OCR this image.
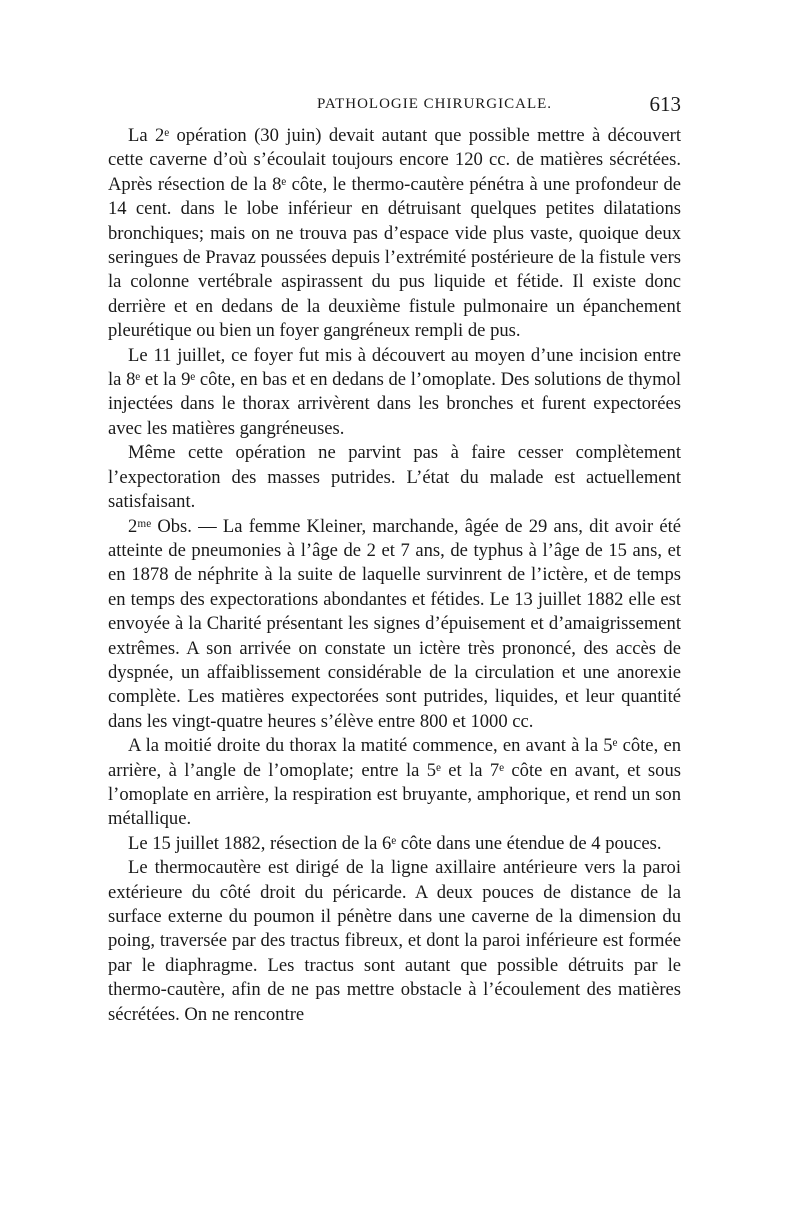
PATHOLOGIE CHIRURGICALE.	613

La 2ᵉ opération (30 juin) devait autant que possible mettre à découvert cette caverne d’où s’écoulait toujours encore 120 cc. de matières sécrétées. Après résection de la 8ᵉ côte, le thermo-cautère pénétra à une profondeur de 14 cent. dans le lobe inférieur en détruisant quelques petites dilatations bronchiques; mais on ne trouva pas d’espace vide plus vaste, quoique deux seringues de Pravaz poussées depuis l’extrémité postérieure de la fistule vers la colonne vertébrale aspirassent du pus liquide et fétide. Il existe donc derrière et en dedans de la deuxième fistule pulmonaire un épanchement pleurétique ou bien un foyer gangréneux rempli de pus.

Le 11 juillet, ce foyer fut mis à découvert au moyen d’une incision entre la 8ᵉ et la 9ᵉ côte, en bas et en dedans de l’omoplate. Des solutions de thymol injectées dans le thorax arrivèrent dans les bronches et furent expectorées avec les matières gangréneuses.

Même cette opération ne parvint pas à faire cesser complètement l’expectoration des masses putrides. L’état du malade est actuellement satisfaisant.

2ᵐᵉ Obs. — La femme Kleiner, marchande, âgée de 29 ans, dit avoir été atteinte de pneumonies à l’âge de 2 et 7 ans, de typhus à l’âge de 15 ans, et en 1878 de néphrite à la suite de laquelle survinrent de l’ictère, et de temps en temps des expectorations abondantes et fétides. Le 13 juillet 1882 elle est envoyée à la Charité présentant les signes d’épuisement et d’amaigrissement extrêmes. A son arrivée on constate un ictère très prononcé, des accès de dyspnée, un affaiblissement considérable de la circulation et une anorexie complète. Les matières expectorées sont putrides, liquides, et leur quantité dans les vingt-quatre heures s’élève entre 800 et 1000 cc.

A la moitié droite du thorax la matité commence, en avant à la 5ᵉ côte, en arrière, à l’angle de l’omoplate; entre la 5ᵉ et la 7ᵉ côte en avant, et sous l’omoplate en arrière, la respiration est bruyante, amphorique, et rend un son métallique.

Le 15 juillet 1882, résection de la 6ᵉ côte dans une étendue de 4 pouces.

Le thermocautère est dirigé de la ligne axillaire antérieure vers la paroi extérieure du côté droit du péricarde. A deux pouces de distance de la surface externe du poumon il pénètre dans une caverne de la dimension du poing, traversée par des tractus fibreux, et dont la paroi inférieure est formée par le diaphragme. Les tractus sont autant que possible détruits par le thermo-cautère, afin de ne pas mettre obstacle à l’écoulement des matières sécrétées. On ne rencontre
